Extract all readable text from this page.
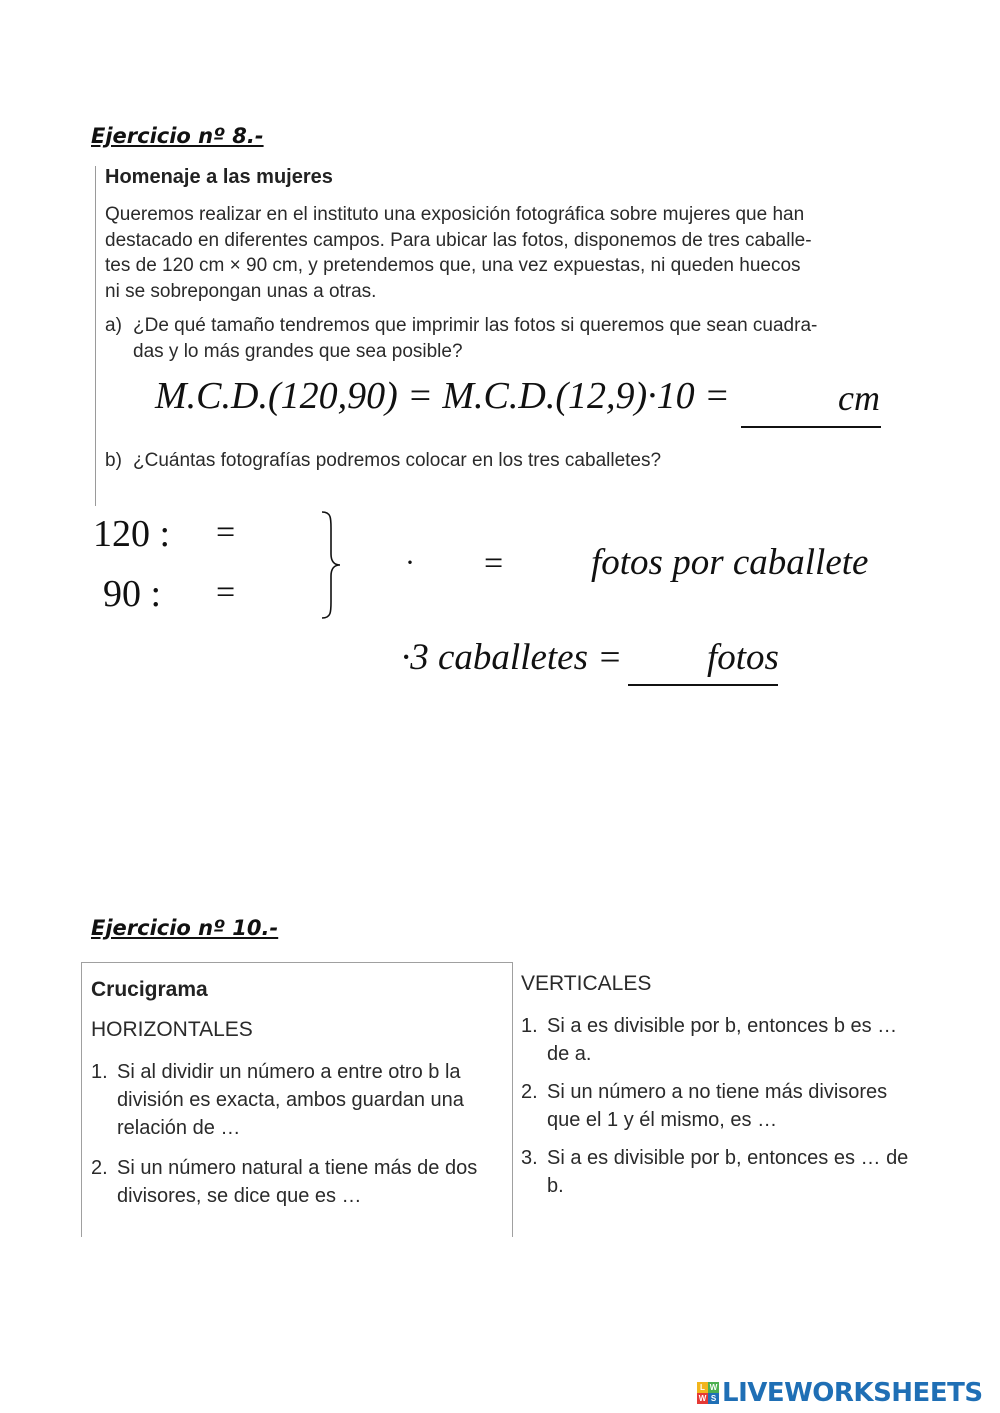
Ejercicio nº 8.-
Homenaje a las mujeres
Queremos realizar en el instituto una exposición fotográfica sobre mujeres que han
destacado en diferentes campos. Para ubicar las fotos, disponemos de tres caballe-
tes de 120 cm × 90 cm, y pretendemos que, una vez expuestas, ni queden huecos
ni se sobrepongan unas a otras.
a) ¿De qué tamaño tendremos que imprimir las fotos si queremos que sean cuadra-
das y lo más grandes que sea posible?
M.C.D.(120,90) = M.C.D.(12,9)·10 =	cm
b) ¿Cuántas fotografías podremos colocar en los tres caballetes?
120 : =
90 : =
· = fotos por caballete
·3 caballetes = fotos
Ejercicio nº 10.-
Crucigrama
HORIZONTALES
1. Si al dividir un número a entre otro b la división es exacta, ambos guardan una relación de …
2. Si un número natural a tiene más de dos divisores, se dice que es …
VERTICALES
1. Si a es divisible por b, entonces b es … de a.
2. Si un número a no tiene más divisores que el 1 y él mismo, es …
3. Si a es divisible por b, entonces es … de b.
L W
W S LIVEWORKSHEETS
